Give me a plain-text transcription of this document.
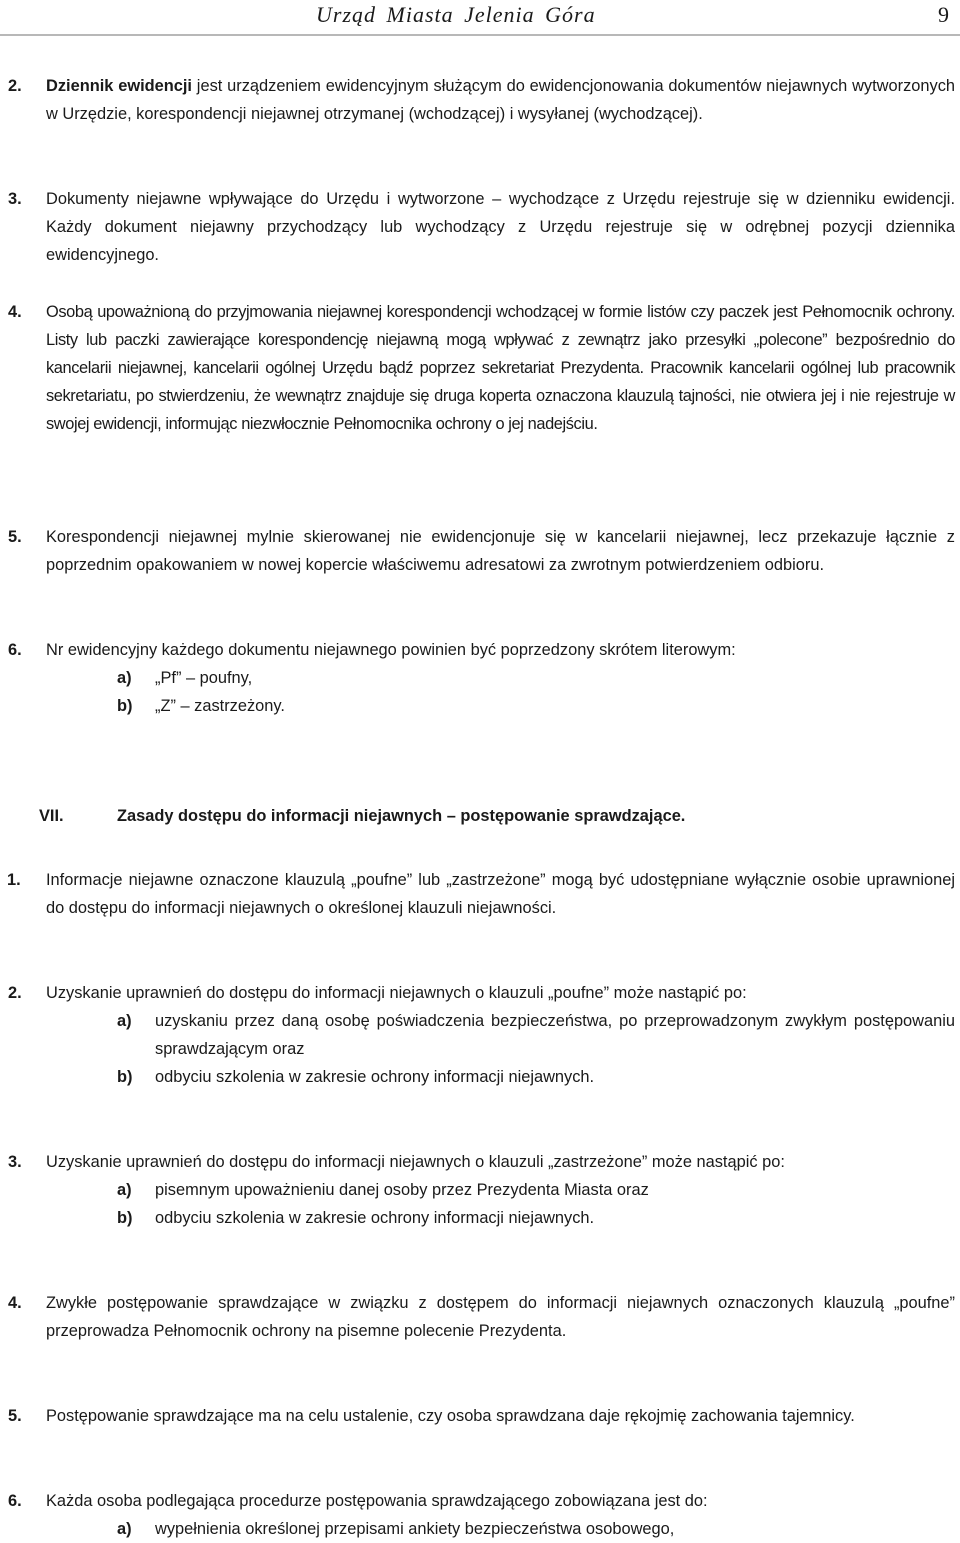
Urząd Miasta Jelenia Góra	9
2. Dziennik ewidencji jest urządzeniem ewidencyjnym służącym do ewidencjonowania dokumentów niejawnych wytworzonych w Urzędzie, korespondencji niejawnej otrzymanej (wchodzącej) i wysyłanej (wychodzącej).
3. Dokumenty niejawne wpływające do Urzędu i wytworzone – wychodzące z Urzędu rejestruje się w dzienniku ewidencji. Każdy dokument niejawny przychodzący lub wychodzący z Urzędu rejestruje się w odrębnej pozycji dziennika ewidencyjnego.
4. Osobą upoważnioną do przyjmowania niejawnej korespondencji wchodzącej w formie listów czy paczek jest Pełnomocnik ochrony. Listy lub paczki zawierające korespondencję niejawną mogą wpływać z zewnątrz jako przesyłki „polecone” bezpośrednio do kancelarii niejawnej, kancelarii ogólnej Urzędu bądź poprzez sekretariat Prezydenta. Pracownik kancelarii ogólnej lub pracownik sekretariatu, po stwierdzeniu, że wewnątrz znajduje się druga koperta oznaczona klauzulą tajności, nie otwiera jej i nie rejestruje w swojej ewidencji, informując niezwłocznie Pełnomocnika ochrony o jej nadejściu.
5. Korespondencji niejawnej mylnie skierowanej nie ewidencjonuje się w kancelarii niejawnej, lecz przekazuje łącznie z poprzednim opakowaniem w nowej kopercie właściwemu adresatowi za zwrotnym potwierdzeniem odbioru.
6. Nr ewidencyjny każdego dokumentu niejawnego powinien być poprzedzony skrótem literowym:
a) „Pf” – poufny,
b) „Z” – zastrzeżony.
VII.	Zasady dostępu do informacji niejawnych – postępowanie sprawdzające.
1. Informacje niejawne oznaczone klauzulą „poufne” lub „zastrzeżone” mogą być udostępniane wyłącznie osobie uprawnionej do dostępu do informacji niejawnych o określonej klauzuli niejawności.
2. Uzyskanie uprawnień do dostępu do informacji niejawnych o klauzuli „poufne” może nastąpić po:
a) uzyskaniu przez daną osobę poświadczenia bezpieczeństwa, po przeprowadzonym zwykłym postępowaniu sprawdzającym oraz
b) odbyciu szkolenia w zakresie ochrony informacji niejawnych.
3. Uzyskanie uprawnień do dostępu do informacji niejawnych o klauzuli „zastrzeżone” może nastąpić po:
a) pisemnym upoważnieniu danej osoby przez Prezydenta Miasta oraz
b) odbyciu szkolenia w zakresie ochrony informacji niejawnych.
4. Zwykłe postępowanie sprawdzające w związku z dostępem do informacji niejawnych oznaczonych klauzulą „poufne” przeprowadza Pełnomocnik ochrony na pisemne polecenie Prezydenta.
5. Postępowanie sprawdzające ma na celu ustalenie, czy osoba sprawdzana daje rękojmię zachowania tajemnicy.
6. Każda osoba podlegająca procedurze postępowania sprawdzającego zobowiązana jest do:
a) wypełnienia określonej przepisami ankiety bezpieczeństwa osobowego,
